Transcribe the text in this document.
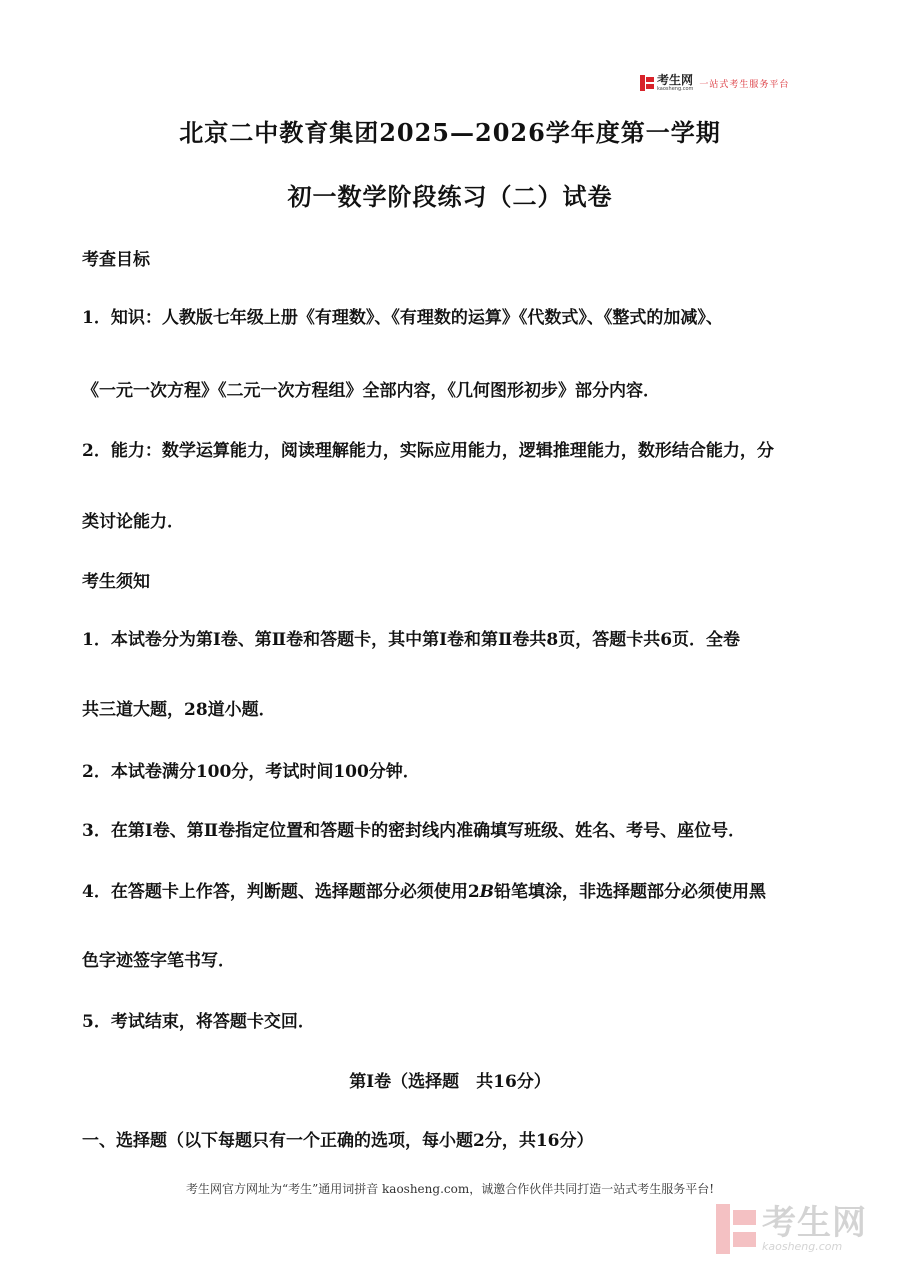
考生网
kaosheng.com 一站式考生服务平台
北京二中教育集团2025—2026学年度第一学期
初一数学阶段练习（二）试卷
考查目标
1．知识：人教版七年级上册《有理数》、《有理数的运算》《代数式》、《整式的加减》、
《一元一次方程》《二元一次方程组》全部内容，《几何图形初步》部分内容．
2．能力：数学运算能力，阅读理解能力，实际应用能力，逻辑推理能力，数形结合能力，分
类讨论能力．
考生须知
1．本试卷分为第Ⅰ卷、第Ⅱ卷和答题卡，其中第Ⅰ卷和第Ⅱ卷共8页，答题卡共6页．全卷
共三道大题，28道小题．
2．本试卷满分100分，考试时间100分钟．
3．在第Ⅰ卷、第Ⅱ卷指定位置和答题卡的密封线内准确填写班级、姓名、考号、座位号．
4．在答题卡上作答，判断题、选择题部分必须使用2B铅笔填涂，非选择题部分必须使用黑
色字迹签字笔书写．
5．考试结束，将答题卡交回．
第Ⅰ卷（选择题　共16分）
一、选择题（以下每题只有一个正确的选项，每小题2分，共16分）
考生网官方网址为“考生”通用词拼音 kaosheng.com，诚邀合作伙伴共同打造一站式考生服务平台!
考生网
kaosheng.com
